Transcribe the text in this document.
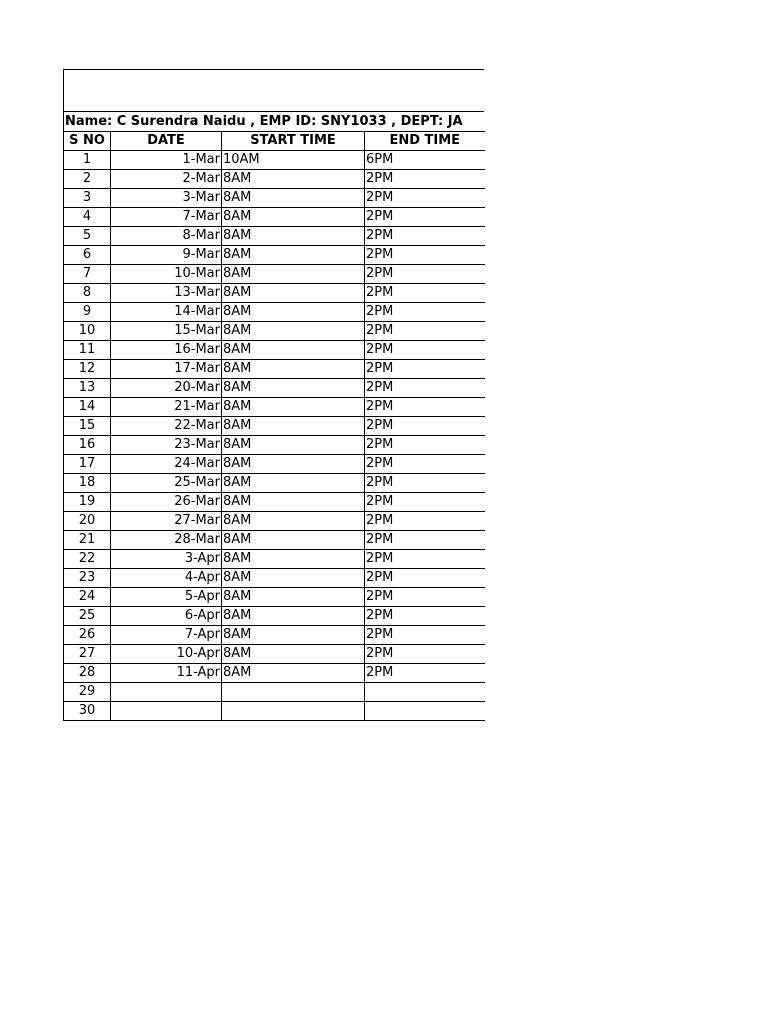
Name: C Surendra Naidu , EMP ID: SNY1033 , DEPT: JA
S NO	DATE	START TIME	END TIME
1	1-Mar	10AM	6PM
2	2-Mar	8AM	2PM
3	3-Mar	8AM	2PM
4	7-Mar	8AM	2PM
5	8-Mar	8AM	2PM
6	9-Mar	8AM	2PM
7	10-Mar	8AM	2PM
8	13-Mar	8AM	2PM
9	14-Mar	8AM	2PM
10	15-Mar	8AM	2PM
11	16-Mar	8AM	2PM
12	17-Mar	8AM	2PM
13	20-Mar	8AM	2PM
14	21-Mar	8AM	2PM
15	22-Mar	8AM	2PM
16	23-Mar	8AM	2PM
17	24-Mar	8AM	2PM
18	25-Mar	8AM	2PM
19	26-Mar	8AM	2PM
20	27-Mar	8AM	2PM
21	28-Mar	8AM	2PM
22	3-Apr	8AM	2PM
23	4-Apr	8AM	2PM
24	5-Apr	8AM	2PM
25	6-Apr	8AM	2PM
26	7-Apr	8AM	2PM
27	10-Apr	8AM	2PM
28	11-Apr	8AM	2PM
29			
30			
